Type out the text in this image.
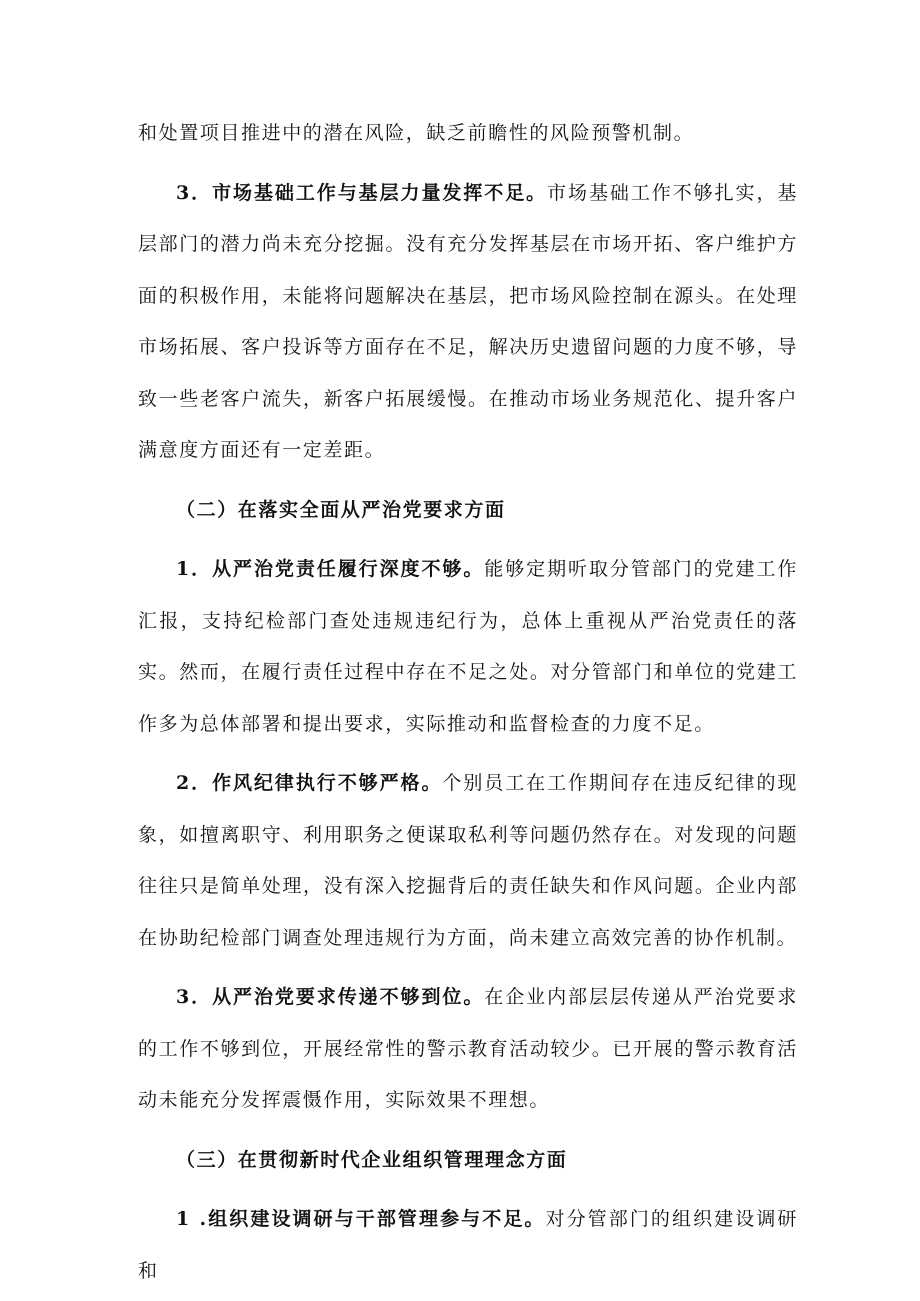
和处置项目推进中的潜在风险，缺乏前瞻性的风险预警机制。

3．市场基础工作与基层力量发挥不足。市场基础工作不够扎实，基层部门的潜力尚未充分挖掘。没有充分发挥基层在市场开拓、客户维护方面的积极作用，未能将问题解决在基层，把市场风险控制在源头。在处理市场拓展、客户投诉等方面存在不足，解决历史遗留问题的力度不够，导致一些老客户流失，新客户拓展缓慢。在推动市场业务规范化、提升客户满意度方面还有一定差距。

（二）在落实全面从严治党要求方面

1．从严治党责任履行深度不够。能够定期听取分管部门的党建工作汇报，支持纪检部门查处违规违纪行为，总体上重视从严治党责任的落实。然而，在履行责任过程中存在不足之处。对分管部门和单位的党建工作多为总体部署和提出要求，实际推动和监督检查的力度不足。

2．作风纪律执行不够严格。个别员工在工作期间存在违反纪律的现象，如擅离职守、利用职务之便谋取私利等问题仍然存在。对发现的问题往往只是简单处理，没有深入挖掘背后的责任缺失和作风问题。企业内部在协助纪检部门调查处理违规行为方面，尚未建立高效完善的协作机制。

3．从严治党要求传递不够到位。在企业内部层层传递从严治党要求的工作不够到位，开展经常性的警示教育活动较少。已开展的警示教育活动未能充分发挥震慑作用，实际效果不理想。

（三）在贯彻新时代企业组织管理理念方面

1 .组织建设调研与干部管理参与不足。对分管部门的组织建设调研和
